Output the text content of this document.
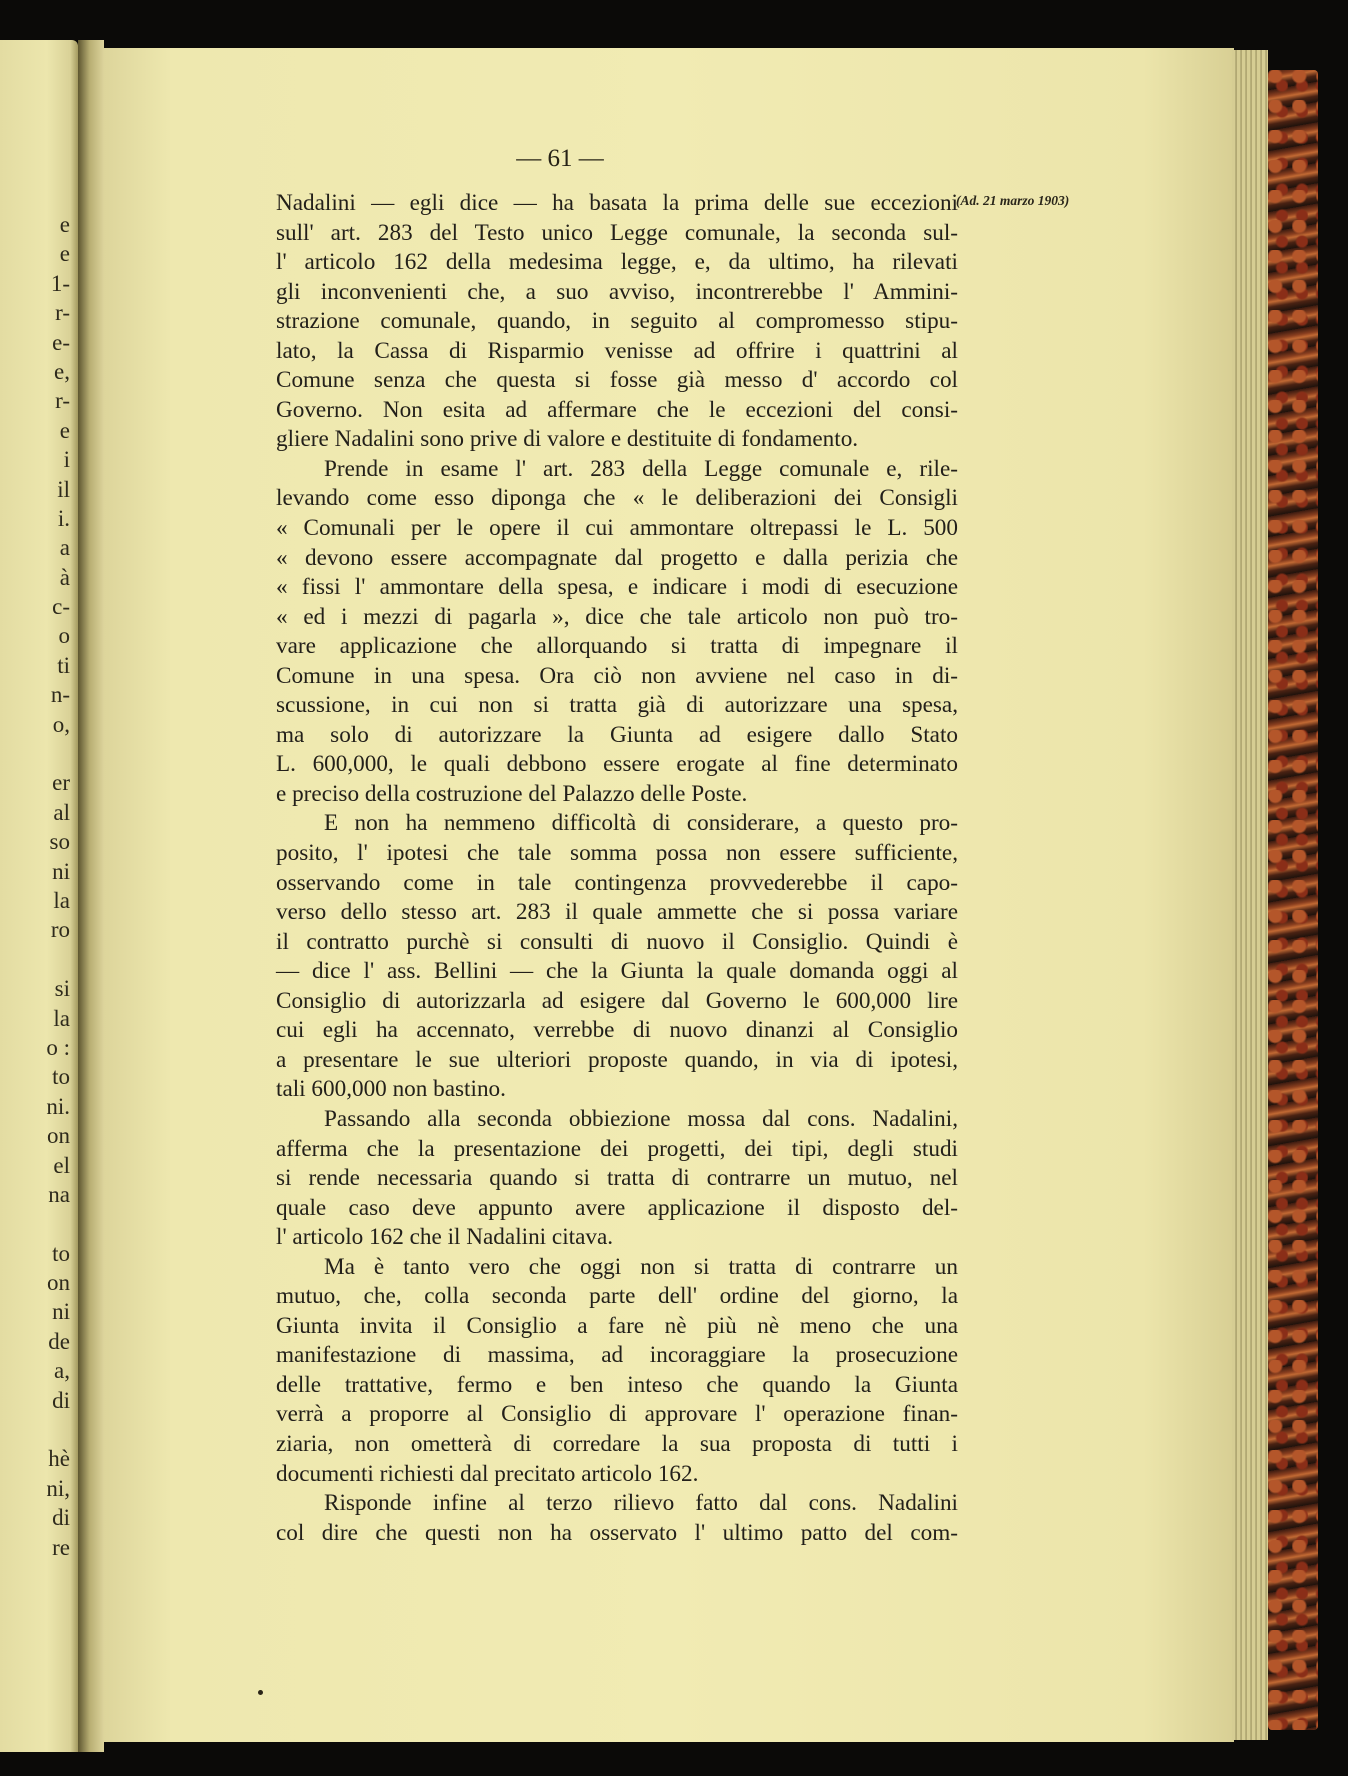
e
e
1-
r-
e-
e,
r-
e
i
il
i.
a
à
c-
o
ti
n-
o,
er
al
so
ni
la
ro
si
la
o :
to
ni.
on
el
na
to
on
ni
de
a,
di
hè
ni,
di
re
— 61 —
(Ad. 21 marzo 1903)
Nadalini — egli dice — ha basata la prima delle sue eccezioni
sull' art. 283 del Testo unico Legge comunale, la seconda sul-
l' articolo 162 della medesima legge, e, da ultimo, ha rilevati
gli inconvenienti che, a suo avviso, incontrerebbe l' Ammini-
strazione comunale, quando, in seguito al compromesso stipu-
lato, la Cassa di Risparmio venisse ad offrire i quattrini al
Comune senza che questa si fosse già messo d' accordo col
Governo. Non esita ad affermare che le eccezioni del consi-
gliere Nadalini sono prive di valore e destituite di fondamento.
Prende in esame l' art. 283 della Legge comunale e, rile-
levando come esso diponga che « le deliberazioni dei Consigli
« Comunali per le opere il cui ammontare oltrepassi le L. 500
« devono essere accompagnate dal progetto e dalla perizia che
« fissi l' ammontare della spesa, e indicare i modi di esecuzione
« ed i mezzi di pagarla », dice che tale articolo non può tro-
vare applicazione che allorquando si tratta di impegnare il
Comune in una spesa. Ora ciò non avviene nel caso in di-
scussione, in cui non si tratta già di autorizzare una spesa,
ma solo di autorizzare la Giunta ad esigere dallo Stato
L. 600,000, le quali debbono essere erogate al fine determinato
e preciso della costruzione del Palazzo delle Poste.
E non ha nemmeno difficoltà di considerare, a questo pro-
posito, l' ipotesi che tale somma possa non essere sufficiente,
osservando come in tale contingenza provvederebbe il capo-
verso dello stesso art. 283 il quale ammette che si possa variare
il contratto purchè si consulti di nuovo il Consiglio. Quindi è
— dice l' ass. Bellini — che la Giunta la quale domanda oggi al
Consiglio di autorizzarla ad esigere dal Governo le 600,000 lire
cui egli ha accennato, verrebbe di nuovo dinanzi al Consiglio
a presentare le sue ulteriori proposte quando, in via di ipotesi,
tali 600,000 non bastino.
Passando alla seconda obbiezione mossa dal cons. Nadalini,
afferma che la presentazione dei progetti, dei tipi, degli studi
si rende necessaria quando si tratta di contrarre un mutuo, nel
quale caso deve appunto avere applicazione il disposto del-
l' articolo 162 che il Nadalini citava.
Ma è tanto vero che oggi non si tratta di contrarre un
mutuo, che, colla seconda parte dell' ordine del giorno, la
Giunta invita il Consiglio a fare nè più nè meno che una
manifestazione di massima, ad incoraggiare la prosecuzione
delle trattative, fermo e ben inteso che quando la Giunta
verrà a proporre al Consiglio di approvare l' operazione finan-
ziaria, non ometterà di corredare la sua proposta di tutti i
documenti richiesti dal precitato articolo 162.
Risponde infine al terzo rilievo fatto dal cons. Nadalini
col dire che questi non ha osservato l' ultimo patto del com-
